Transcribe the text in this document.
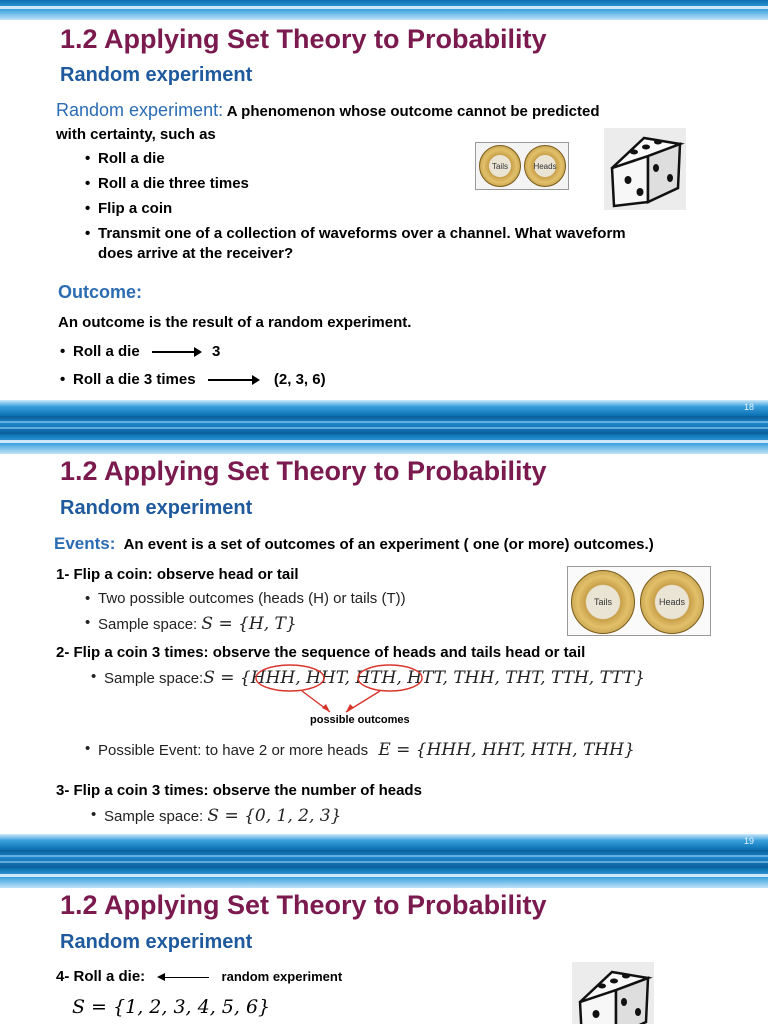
1.2 Applying Set Theory to Probability
Random experiment
Random experiment: A phenomenon whose outcome cannot be predicted
with certainty, such as
• Roll a die
• Roll a die three times
• Flip a coin
• Transmit one of a collection of waveforms over a channel. What waveform
does arrive at the receiver?
Tails	Heads
Outcome:
An outcome is the result of a random experiment.
• Roll a die	3
• Roll a die 3 times	(2, 3, 6)
18
1.2 Applying Set Theory to Probability
Random experiment
Events: An event is a set of outcomes of an experiment ( one (or more) outcomes.)
1- Flip a coin: observe head or tail
• Two possible outcomes (heads (H) or tails (T))
• Sample space: S = {H, T}
Tails	Heads
2- Flip a coin 3 times: observe the sequence of heads and tails head or tail
• Sample space:S = {HHH, HHT, HTH, HTT, THH, THT, TTH, TTT}
possible outcomes
• Possible Event: to have 2 or more heads E = {HHH, HHT, HTH, THH}
3- Flip a coin 3 times: observe the number of heads
• Sample space: S = {0, 1, 2, 3}
19
1.2 Applying Set Theory to Probability
Random experiment
4- Roll a die:	random experiment
S = {1, 2, 3, 4, 5, 6}
